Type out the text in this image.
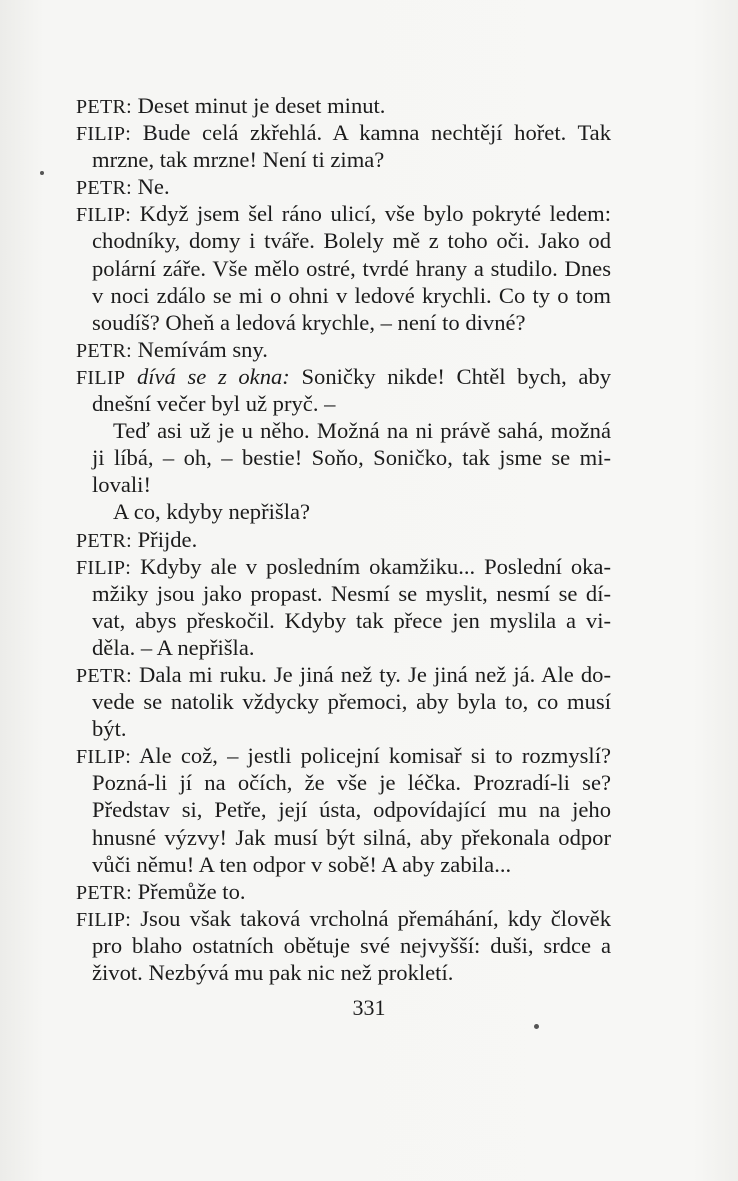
PETR: Deset minut je deset minut.
FILIP: Bude celá zkřehlá. A kamna nechtějí hořet. Tak
mrzne, tak mrzne! Není ti zima?
PETR: Ne.
FILIP: Když jsem šel ráno ulicí, vše bylo pokryté ledem:
chodníky, domy i tváře. Bolely mě z toho oči. Jako od
polární záře. Vše mělo ostré, tvrdé hrany a studilo. Dnes
v noci zdálo se mi o ohni v ledové krychli. Co ty o tom
soudíš? Oheň a ledová krychle, – není to divné?
PETR: Nemívám sny.
FILIP dívá se z okna: Soničky nikde! Chtěl bych, aby
dnešní večer byl už pryč. –
Teď asi už je u něho. Možná na ni právě sahá, možná
ji líbá, – oh, – bestie! Soňo, Soničko, tak jsme se mi-
lovali!
A co, kdyby nepřišla?
PETR: Přijde.
FILIP: Kdyby ale v posledním okamžiku... Poslední oka-
mžiky jsou jako propast. Nesmí se myslit, nesmí se dí-
vat, abys přeskočil. Kdyby tak přece jen myslila a vi-
děla. – A nepřišla.
PETR: Dala mi ruku. Je jiná než ty. Je jiná než já. Ale do-
vede se natolik vždycky přemoci, aby byla to, co musí
být.
FILIP: Ale což, – jestli policejní komisař si to rozmyslí?
Pozná-li jí na očích, že vše je léčka. Prozradí-li se?
Představ si, Petře, její ústa, odpovídající mu na jeho
hnusné výzvy! Jak musí být silná, aby překonala odpor
vůči němu! A ten odpor v sobě! A aby zabila...
PETR: Přemůže to.
FILIP: Jsou však taková vrcholná přemáhání, kdy člověk
pro blaho ostatních obětuje své nejvyšší: duši, srdce a
život. Nezbývá mu pak nic než prokletí.
331
